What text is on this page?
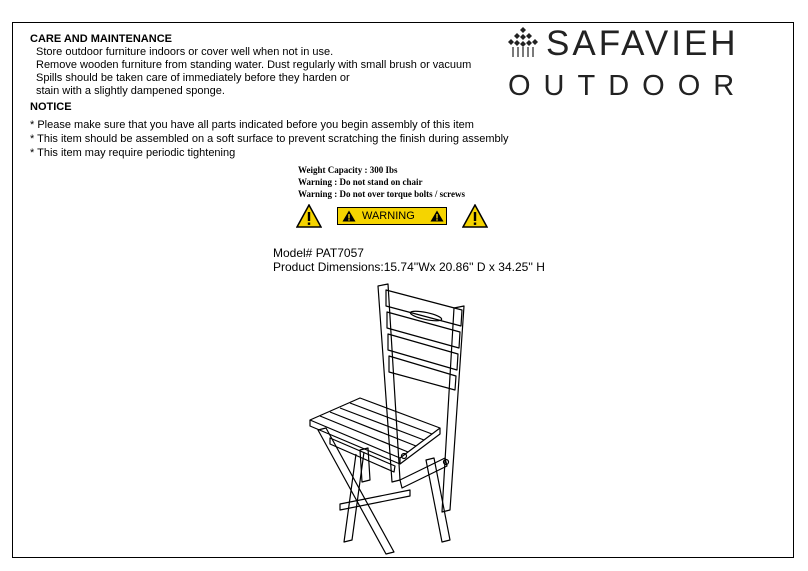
CARE AND MAINTENANCE
Store outdoor furniture indoors or cover well when not in use.
Remove wooden furniture from standing water. Dust regularly with small brush or vacuum
Spills should be taken care of immediately before they harden or
stain with a slightly dampened sponge.
NOTICE
* Please make sure that you have all parts indicated before you begin assembly of this item
* This item should be assembled on a soft surface to prevent scratching the finish during assembly
* This item may require periodic tightening
SAFAVIEH
OUTDOOR
Weight Capacity : 300 Ibs
Warning : Do not stand on chair
Warning : Do not over torque bolts / screws
WARNING
Model# PAT7057
Product Dimensions:15.74''Wx 20.86'' D x 34.25'' H
